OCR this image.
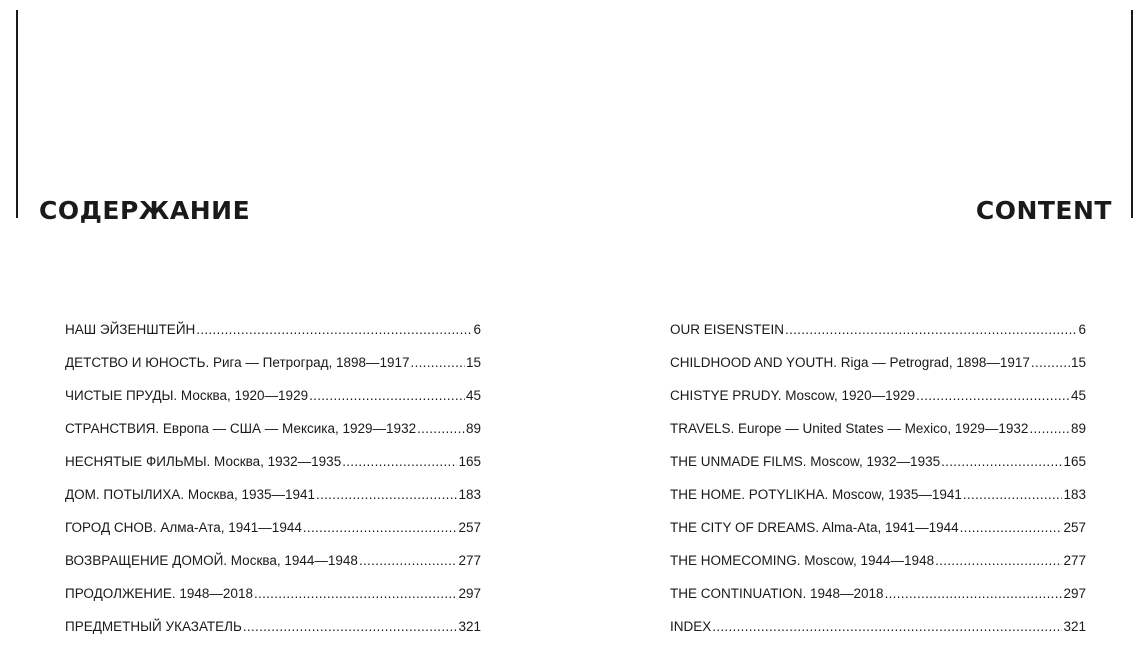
СОДЕРЖАНИЕ
НАШ ЭЙЗЕНШТЕЙН .....	6
ДЕТСТВО И ЮНОСТЬ. Рига — Петроград, 1898—1917 .....	15
ЧИСТЫЕ ПРУДЫ. Москва, 1920—1929 .....	45
СТРАНСТВИЯ. Европа — США — Мексика, 1929—1932 .....	89
НЕСНЯТЫЕ ФИЛЬМЫ. Москва, 1932—1935 .....	165
ДОМ. ПОТЫЛИХА. Москва, 1935—1941 .....	183
ГОРОД СНОВ. Алма-Ата, 1941—1944 .....	257
ВОЗВРАЩЕНИЕ ДОМОЙ. Москва, 1944—1948 .....	277
ПРОДОЛЖЕНИЕ. 1948—2018 .....	297
ПРЕДМЕТНЫЙ УКАЗАТЕЛЬ .....	321
CONTENT
OUR EISENSTEIN .....	6
CHILDHOOD AND YOUTH. Riga — Petrograd, 1898—1917 .....	15
CHISTYE PRUDY. Moscow, 1920—1929 .....	45
TRAVELS. Europe — United States — Mexico, 1929—1932 .....	89
THE UNMADE FILMS. Moscow, 1932—1935 .....	165
THE HOME. POTYLIKHA. Moscow, 1935—1941 .....	183
THE CITY OF DREAMS. Alma-Ata, 1941—1944 .....	257
THE HOMECOMING. Moscow, 1944—1948 .....	277
THE CONTINUATION. 1948—2018 .....	297
INDEX .....	321
